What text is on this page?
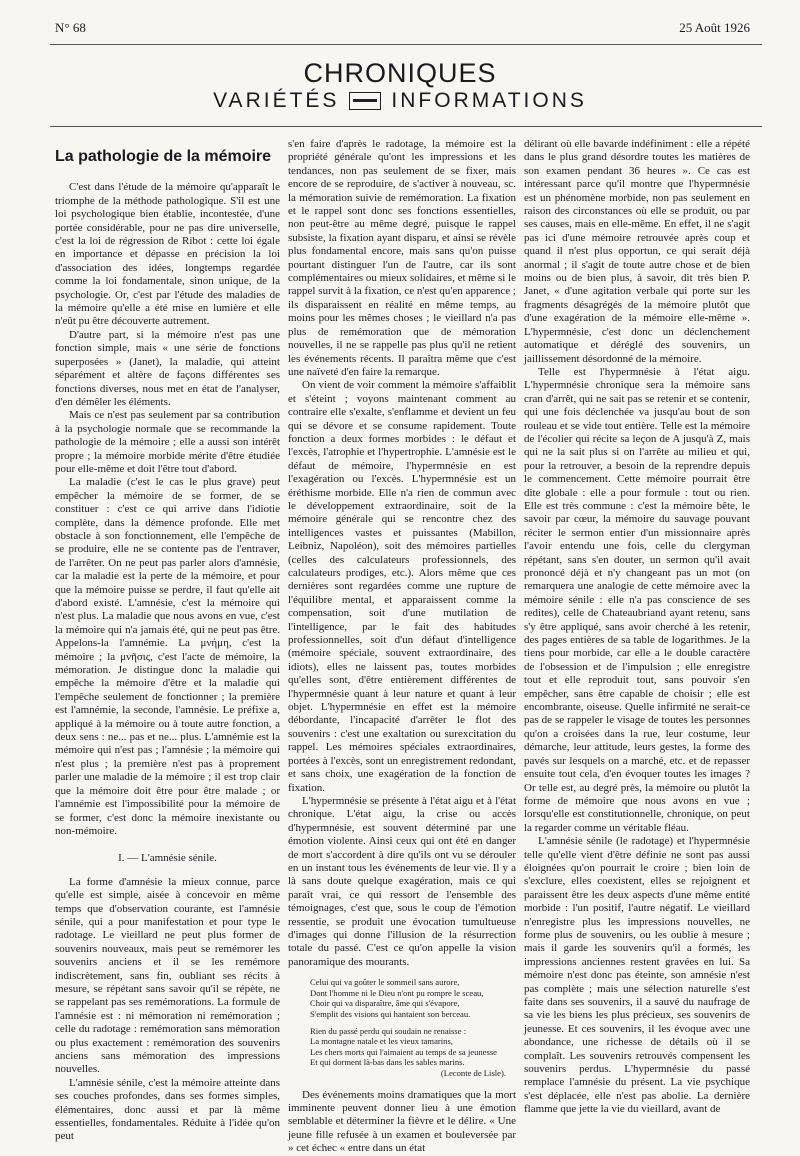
N° 68	25 Août 1926
CHRONIQUES
VARIÉTÉS INFORMATIONS
La pathologie de la mémoire

C'est dans l'étude de la mémoire qu'apparaît le triomphe de la méthode pathologique. S'il est une loi psychologique bien établie, incontestée, d'une portée considérable, pour ne pas dire universelle, c'est la loi de régression de Ribot : cette loi égale en importance et dépasse en précision la loi d'association des idées, longtemps regardée comme la loi fondamentale, sinon unique, de la psychologie. Or, c'est par l'étude des maladies de la mémoire qu'elle a été mise en lumière et elle n'eût pu être découverte autrement.

D'autre part, si la mémoire n'est pas une fonction simple, mais « une série de fonctions superposées » (Janet), la maladie, qui atteint séparément et altère de façons différentes ses fonctions diverses, nous met en état de l'analyser, d'en démêler les éléments.

Mais ce n'est pas seulement par sa contribution à la psychologie normale que se recommande la pathologie de la mémoire ; elle a aussi son intérêt propre ; la mémoire morbide mérite d'être étudiée pour elle-même et doit l'être tout d'abord.

La maladie (c'est le cas le plus grave) peut empêcher la mémoire de se former, de se constituer : c'est ce qui arrive dans l'idiotie complète, dans la démence profonde. Elle met obstacle à son fonctionnement, elle l'empêche de se produire, elle ne se contente pas de l'entraver, de l'arrêter. On ne peut pas parler alors d'amnésie, car la maladie est la perte de la mémoire, et pour que la mémoire puisse se perdre, il faut qu'elle ait d'abord existé. L'amnésie, c'est la mémoire qui n'est plus. La maladie que nous avons en vue, c'est la mémoire qui n'a jamais été, qui ne peut pas être. Appelons-la l'amnémie. La μνήμη, c'est la mémoire ; la μνῆσις, c'est l'acte de mémoire, la mémoration. Je distingue donc la maladie qui empêche la mémoire d'être et la maladie qui l'empêche seulement de fonctionner ; la première est l'amnémie, la seconde, l'amnésie. Le préfixe a, appliqué à la mémoire ou à toute autre fonction, a deux sens : ne... pas et ne... plus. L'amnémie est la mémoire qui n'est pas ; l'amnésie ; la mémoire qui n'est plus ; la première n'est pas à proprement parler une maladie de la mémoire ; il est trop clair que la mémoire doit être pour être malade ; or l'amnémie est l'impossibilité pour la mémoire de se former, c'est donc la mémoire inexistante ou non-mémoire.

I. — L'amnésie sénile.

La forme d'amnésie la mieux connue, parce qu'elle est simple, aisée à concevoir en même temps que d'observation courante, est l'amnésie sénile, qui a pour manifestation et pour type le radotage. Le vieillard ne peut plus former de souvenirs nouveaux, mais peut se remémorer les souvenirs anciens et il se les remémore indiscrètement, sans fin, oubliant ses récits à mesure, se répétant sans savoir qu'il se répète, ne se rappelant pas ses remémorations. La formule de l'amnésie est : ni mémoration ni remémoration ; celle du radotage : remémoration sans mémoration ou plus exactement : remémoration des souvenirs anciens sans mémoration des impressions nouvelles.

L'amnésie sénile, c'est la mémoire atteinte dans ses couches profondes, dans ses formes simples, élémentaires, donc aussi et par là même essentielles, fondamentales. Réduite à l'idée qu'on peut

s'en faire d'après le radotage, la mémoire est la propriété générale qu'ont les impressions et les tendances, non pas seulement de se fixer, mais encore de se reproduire, de s'activer à nouveau, sc. la mémoration suivie de remémoration. La fixation et le rappel sont donc ses fonctions essentielles, non peut-être au même degré, puisque le rappel subsiste, la fixation ayant disparu, et ainsi se révèle plus fondamental encore, mais sans qu'on puisse pourtant distinguer l'un de l'autre, car ils sont complémentaires ou mieux solidaires, et même si le rappel survit à la fixation, ce n'est qu'en apparence ; ils disparaissent en réalité en même temps, au moins pour les mêmes choses ; le vieillard n'a pas plus de remémoration que de mémoration nouvelles, il ne se rappelle pas plus qu'il ne retient les événements récents. Il paraîtra même que c'est une naïveté d'en faire la remarque.

On vient de voir comment la mémoire s'affaiblit et s'éteint ; voyons maintenant comment au contraire elle s'exalte, s'enflamme et devient un feu qui se dévore et se consume rapidement. Toute fonction a deux formes morbides : le défaut et l'excès, l'atrophie et l'hypertrophie. L'amnésie est le défaut de mémoire, l'hypermnésie en est l'exagération ou l'excès. L'hypermnésie est un éréthisme morbide. Elle n'a rien de commun avec le développement extraordinaire, soit de la mémoire générale qui se rencontre chez des intelligences vastes et puissantes (Mabillon, Leibniz, Napoléon), soit des mémoires partielles (celles des calculateurs professionnels, des calculateurs prodiges, etc.). Alors même que ces dernières sont regardées comme une rupture de l'équilibre mental, et apparaissent comme la compensation, soit d'une mutilation de l'intelligence, par le fait des habitudes professionnelles, soit d'un défaut d'intelligence (mémoire spéciale, souvent extraordinaire, des idiots), elles ne laissent pas, toutes morbides qu'elles sont, d'être entièrement différentes de l'hypermnésie quant à leur nature et quant à leur objet. L'hypermnésie en effet est la mémoire débordante, l'incapacité d'arrêter le flot des souvenirs : c'est une exaltation ou surexcitation du rappel. Les mémoires spéciales extraordinaires, portées à l'excès, sont un enregistrement redondant, et sans choix, une exagération de la fonction de fixation.

L'hypermnésie se présente à l'état aigu et à l'état chronique. L'état aigu, la crise ou accès d'hypermnésie, est souvent déterminé par une émotion violente. Ainsi ceux qui ont été en danger de mort s'accordent à dire qu'ils ont vu se dérouler en un instant tous les événements de leur vie. Il y a là sans doute quelque exagération, mais ce qui paraît vrai, ce qui ressort de l'ensemble des témoignages, c'est que, sous le coup de l'émotion ressentie, se produit une évocation tumultueuse d'images qui donne l'illusion de la résurrection totale du passé. C'est ce qu'on appelle la vision panoramique des mourants.

Celui qui va goûter le sommeil sans aurore,
Dont l'homme ni le Dieu n'ont pu rompre le sceau,
Choir qui va disparaître, âme qui s'évapore,
S'emplit des visions qui hantaient son berceau.
Rien du passé perdu qui soudain ne renaisse :
La montagne natale et les vieux tamarins,
Les chers morts qui l'aimaient au temps de sa jeunesse
Et qui dorment là-bas dans les sables marins.
(Leconte de Lisle).

Des événements moins dramatiques que la mort imminente peuvent donner lieu à une émotion semblable et déterminer la fièvre et le délire. « Une jeune fille refusée à un examen et bouleversée par » cet échec « entre dans un état

délirant où elle bavarde indéfiniment : elle a répété dans le plus grand désordre toutes les matières de son examen pendant 36 heures ». Ce cas est intéressant parce qu'il montre que l'hypermnésie est un phénomène morbide, non pas seulement en raison des circonstances où elle se produit, ou par ses causes, mais en elle-même. En effet, il ne s'agit pas ici d'une mémoire retrouvée après coup et quand il n'est plus opportun, ce qui serait déjà anormal ; il s'agit de toute autre chose et de bien moins ou de bien plus, à savoir, dit très bien P. Janet, « d'une agitation verbale qui porte sur les fragments désagrégés de la mémoire plutôt que d'une exagération de la mémoire elle-même ». L'hypermnésie, c'est donc un déclenchement automatique et déréglé des souvenirs, un jaillissement désordonné de la mémoire.

Telle est l'hypermnésie à l'état aigu. L'hypermnésie chronique sera la mémoire sans cran d'arrêt, qui ne sait pas se retenir et se contenir, qui une fois déclenchée va jusqu'au bout de son rouleau et se vide tout entière. Telle est la mémoire de l'écolier qui récite sa leçon de A jusqu'à Z, mais qui ne la sait plus si on l'arrête au milieu et qui, pour la retrouver, a besoin de la reprendre depuis le commencement. Cette mémoire pourrait être dite globale : elle a pour formule : tout ou rien. Elle est très commune : c'est la mémoire bête, le savoir par cœur, la mémoire du sauvage pouvant réciter le sermon entier d'un missionnaire après l'avoir entendu une fois, celle du clergyman répétant, sans s'en douter, un sermon qu'il avait prononcé déjà et n'y changeant pas un mot (on remarquera une analogie de cette mémoire avec la mémoire sénile : elle n'a pas conscience de ses redites), celle de Chateaubriand ayant retenu, sans s'y être appliqué, sans avoir cherché à les retenir, des pages entières de sa table de logarithmes. Je la tiens pour morbide, car elle a le double caractère de l'obsession et de l'impulsion ; elle enregistre tout et elle reproduit tout, sans pouvoir s'en empêcher, sans être capable de choisir ; elle est encombrante, oiseuse. Quelle infirmité ne serait-ce pas de se rappeler le visage de toutes les personnes qu'on a croisées dans la rue, leur costume, leur démarche, leur attitude, leurs gestes, la forme des pavés sur lesquels on a marché, etc. et de repasser ensuite tout cela, d'en évoquer toutes les images ? Or telle est, au degré près, la mémoire ou plutôt la forme de mémoire que nous avons en vue ; lorsqu'elle est constitutionnelle, chronique, on peut la regarder comme un véritable fléau.

L'amnésie sénile (le radotage) et l'hypermnésie telle qu'elle vient d'être définie ne sont pas aussi éloignées qu'on pourrait le croire ; bien loin de s'exclure, elles coexistent, elles se rejoignent et paraissent être les deux aspects d'une même entité morbide : l'un positif, l'autre négatif. Le vieillard n'enregistre plus les impressions nouvelles, ne forme plus de souvenirs, ou les oublie à mesure ; mais il garde les souvenirs qu'il a formés, les impressions anciennes restent gravées en lui. Sa mémoire n'est donc pas éteinte, son amnésie n'est pas complète ; mais une sélection naturelle s'est faite dans ses souvenirs, il a sauvé du naufrage de sa vie les biens les plus précieux, ses souvenirs de jeunesse. Et ces souvenirs, il les évoque avec une abondance, une richesse de détails où il se complaît. Les souvenirs retrouvés compensent les souvenirs perdus. L'hypermnésie du passé remplace l'amnésie du présent. La vie psychique s'est déplacée, elle n'est pas abolie. La dernière flamme que jette la vie du vieillard, avant de
